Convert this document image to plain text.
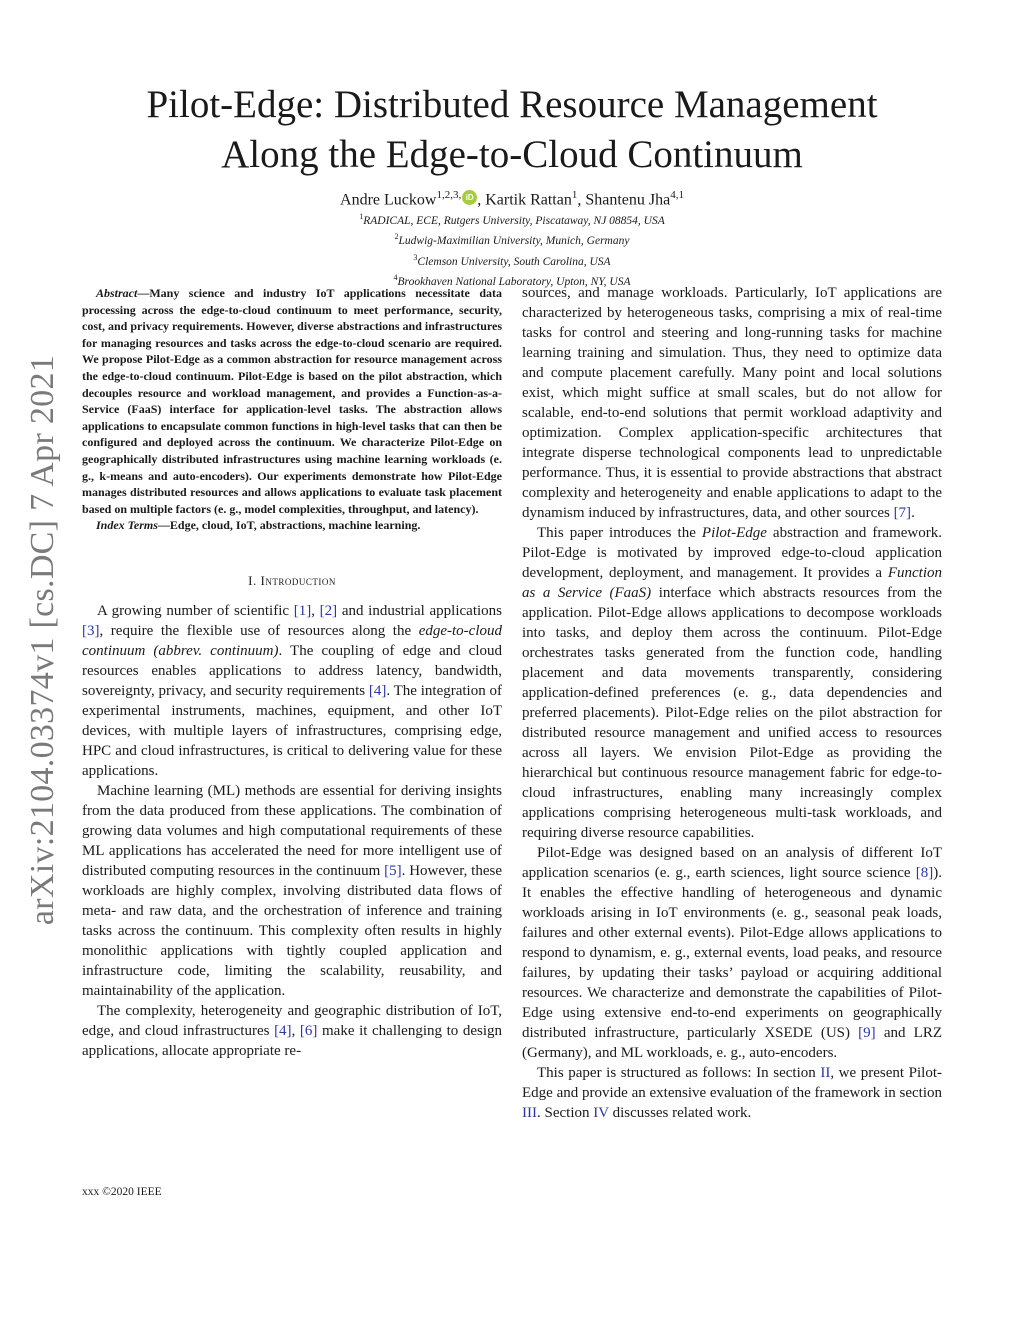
arXiv:2104.03374v1 [cs.DC] 7 Apr 2021
Pilot-Edge: Distributed Resource Management
Along the Edge-to-Cloud Continuum
Andre Luckow$^{1,2,3,}$ iD , Kartik Rattan$^1$, Shantenu Jha$^{4,1}$
$^1$RADICAL, ECE, Rutgers University, Piscataway, NJ 08854, USA
$^2$Ludwig-Maximilian University, Munich, Germany
$^3$Clemson University, South Carolina, USA
$^4$Brookhaven National Laboratory, Upton, NY, USA

Abstract—Many science and industry IoT applications necessitate data processing across the edge-to-cloud continuum to meet performance, security, cost, and privacy requirements. However, diverse abstractions and infrastructures for managing resources and tasks across the edge-to-cloud scenario are required. We propose Pilot-Edge as a common abstraction for resource management across the edge-to-cloud continuum. Pilot-Edge is based on the pilot abstraction, which decouples resource and workload management, and provides a Function-as-a-Service (FaaS) interface for application-level tasks. The abstraction allows applications to encapsulate common functions in high-level tasks that can then be configured and deployed across the continuum. We characterize Pilot-Edge on geographically distributed infrastructures using machine learning workloads (e. g., k-means and auto-encoders). Our experiments demonstrate how Pilot-Edge manages distributed resources and allows applications to evaluate task placement based on multiple factors (e. g., model complexities, throughput, and latency).

Index Terms—Edge, cloud, IoT, abstractions, machine learning.

I. Introduction

A growing number of scientific [1], [2] and industrial applications [3], require the flexible use of resources along the edge-to-cloud continuum (abbrev. continuum). The coupling of edge and cloud resources enables applications to address latency, bandwidth, sovereignty, privacy, and security requirements [4]. The integration of experimental instruments, machines, equipment, and other IoT devices, with multiple layers of infrastructures, comprising edge, HPC and cloud infrastructures, is critical to delivering value for these applications.

Machine learning (ML) methods are essential for deriving insights from the data produced from these applications. The combination of growing data volumes and high computational requirements of these ML applications has accelerated the need for more intelligent use of distributed computing resources in the continuum [5]. However, these workloads are highly complex, involving distributed data flows of meta- and raw data, and the orchestration of inference and training tasks across the continuum. This complexity often results in highly monolithic applications with tightly coupled application and infrastructure code, limiting the scalability, reusability, and maintainability of the application.

The complexity, heterogeneity and geographic distribution of IoT, edge, and cloud infrastructures [4], [6] make it challenging to design applications, allocate appropriate re-

sources, and manage workloads. Particularly, IoT applications are characterized by heterogeneous tasks, comprising a mix of real-time tasks for control and steering and long-running tasks for machine learning training and simulation. Thus, they need to optimize data and compute placement carefully. Many point and local solutions exist, which might suffice at small scales, but do not allow for scalable, end-to-end solutions that permit workload adaptivity and optimization. Complex application-specific architectures that integrate disperse technological components lead to unpredictable performance. Thus, it is essential to provide abstractions that abstract complexity and heterogeneity and enable applications to adapt to the dynamism induced by infrastructures, data, and other sources [7].

This paper introduces the Pilot-Edge abstraction and framework. Pilot-Edge is motivated by improved edge-to-cloud application development, deployment, and management. It provides a Function as a Service (FaaS) interface which abstracts resources from the application. Pilot-Edge allows applications to decompose workloads into tasks, and deploy them across the continuum. Pilot-Edge orchestrates tasks generated from the function code, handling placement and data movements transparently, considering application-defined preferences (e. g., data dependencies and preferred placements). Pilot-Edge relies on the pilot abstraction for distributed resource management and unified access to resources across all layers. We envision Pilot-Edge as providing the hierarchical but continuous resource management fabric for edge-to-cloud infrastructures, enabling many increasingly complex applications comprising heterogeneous multi-task workloads, and requiring diverse resource capabilities.

Pilot-Edge was designed based on an analysis of different IoT application scenarios (e. g., earth sciences, light source science [8]). It enables the effective handling of heterogeneous and dynamic workloads arising in IoT environments (e. g., seasonal peak loads, failures and other external events). Pilot-Edge allows applications to respond to dynamism, e. g., external events, load peaks, and resource failures, by updating their tasks’ payload or acquiring additional resources. We characterize and demonstrate the capabilities of Pilot-Edge using extensive end-to-end experiments on geographically distributed infrastructure, particularly XSEDE (US) [9] and LRZ (Germany), and ML workloads, e. g., auto-encoders.

This paper is structured as follows: In section II, we present Pilot-Edge and provide an extensive evaluation of the framework in section III. Section IV discusses related work.

xxx ©2020 IEEE
